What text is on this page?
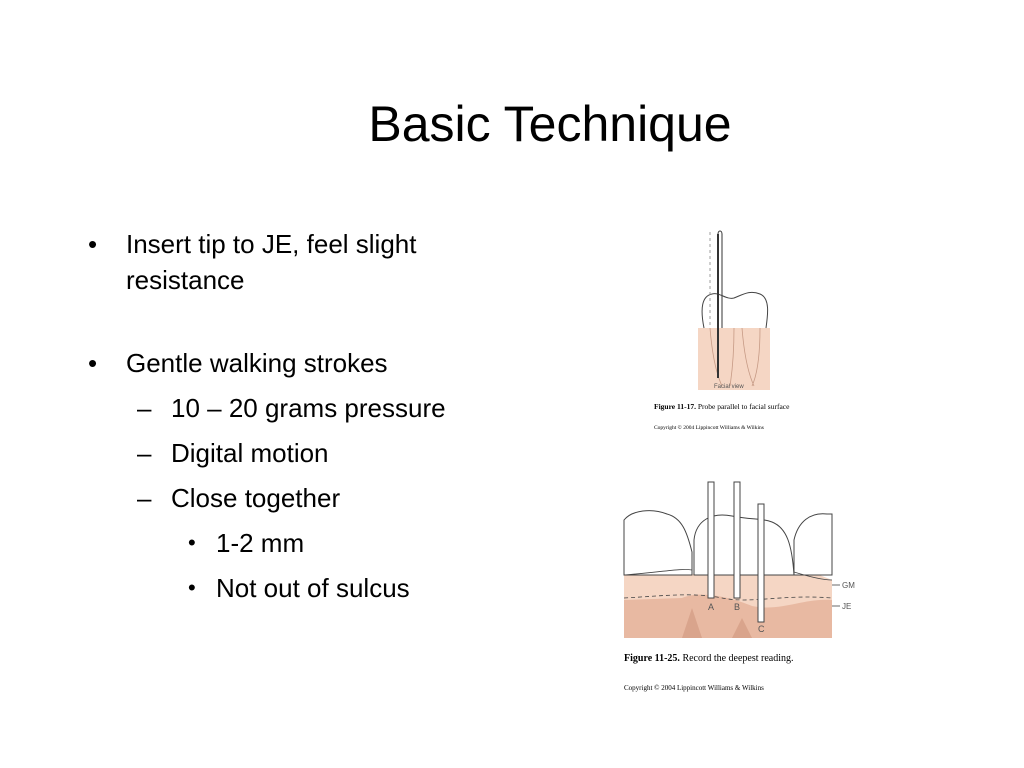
Basic Technique
• Insert tip to JE, feel slight
resistance
• Gentle walking strokes
– 10 – 20 grams pressure
– Digital motion
– Close together
• 1-2 mm
• Not out of sulcus
Facial view
Figure 11-17. Probe parallel to facial surface
Copyright © 2004 Lippincott Williams & Wilkins
A B
C
GM
JE
Figure 11-25. Record the deepest reading.
Copyright © 2004 Lippincott Williams & Wilkins
